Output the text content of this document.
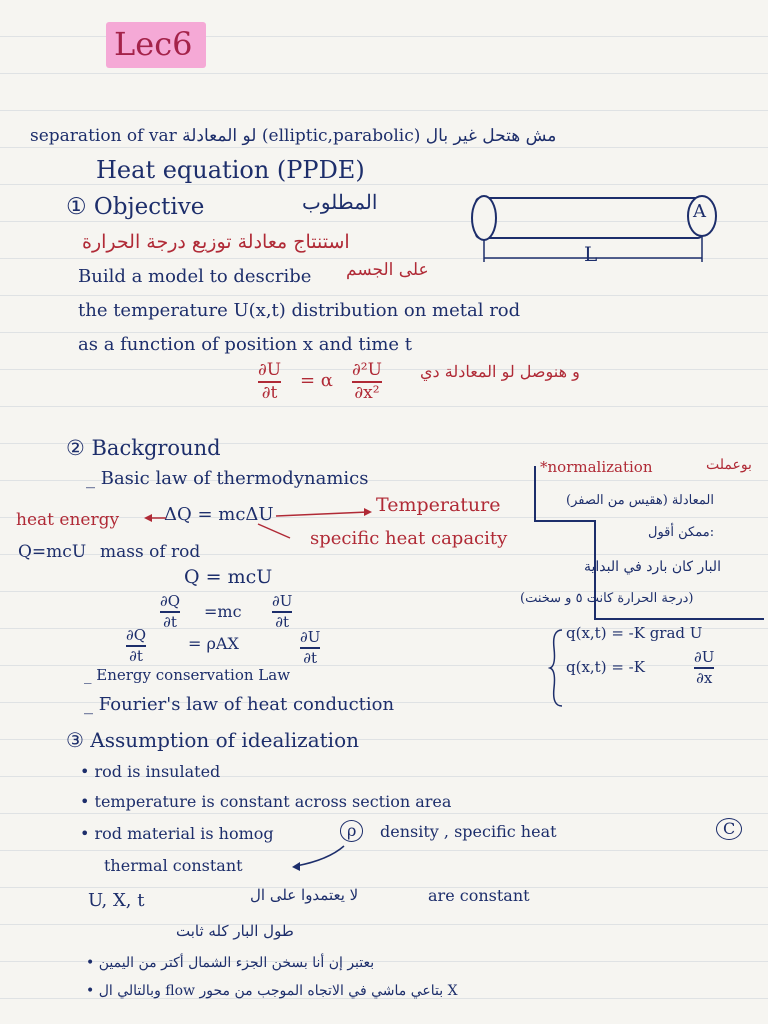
Lec6
separation of var لو المعادلة (elliptic,parabolic) مش هتحل غير بال
Heat equation (PPDE)
① Objective	المطلوب
استنتاج معادلة توزيع درجة الحرارة
A
L
Build a model to describe على الجسم
the temperature U(x,t) distribution on metal rod
as a function of position x and time t
∂U
∂t
= α ∂²U
∂x²
و هنوصل لو المعادلة دي
② Background
_ Basic law of thermodynamics
*normalization	بوعملت
المعادلة (هقيس من الصفر)
heat energy ΔQ = mcΔU	Temperature
Q=mcU mass of rod
specific heat capacity	ممكن أقول:
البار كان بارد في البداية
(درجة الحرارة كانت ٥ و سخنت)
Q = mcU
∂Q
∂t
=mc
∂U
∂t
∂Q
∂t
= ρAX	∂U
∂t
q(x,t) = -K grad U
q(x,t) = -K
∂U
∂x
_ Energy conservation Law
_ Fourier's law of heat conduction
③ Assumption of idealization
• rod is insulated
• temperature is constant across section area
• rod material is homog	ρ	density , specific heat	C
thermal constant
U, X, t	لا يعتمدوا على ال	are constant
طول البار كله ثابت
• بعتبر إن أنا بسخن الجزء الشمال أكتر من اليمين
• وبالتالي ال flow بتاعي ماشي في الاتجاه الموجب من محور X
